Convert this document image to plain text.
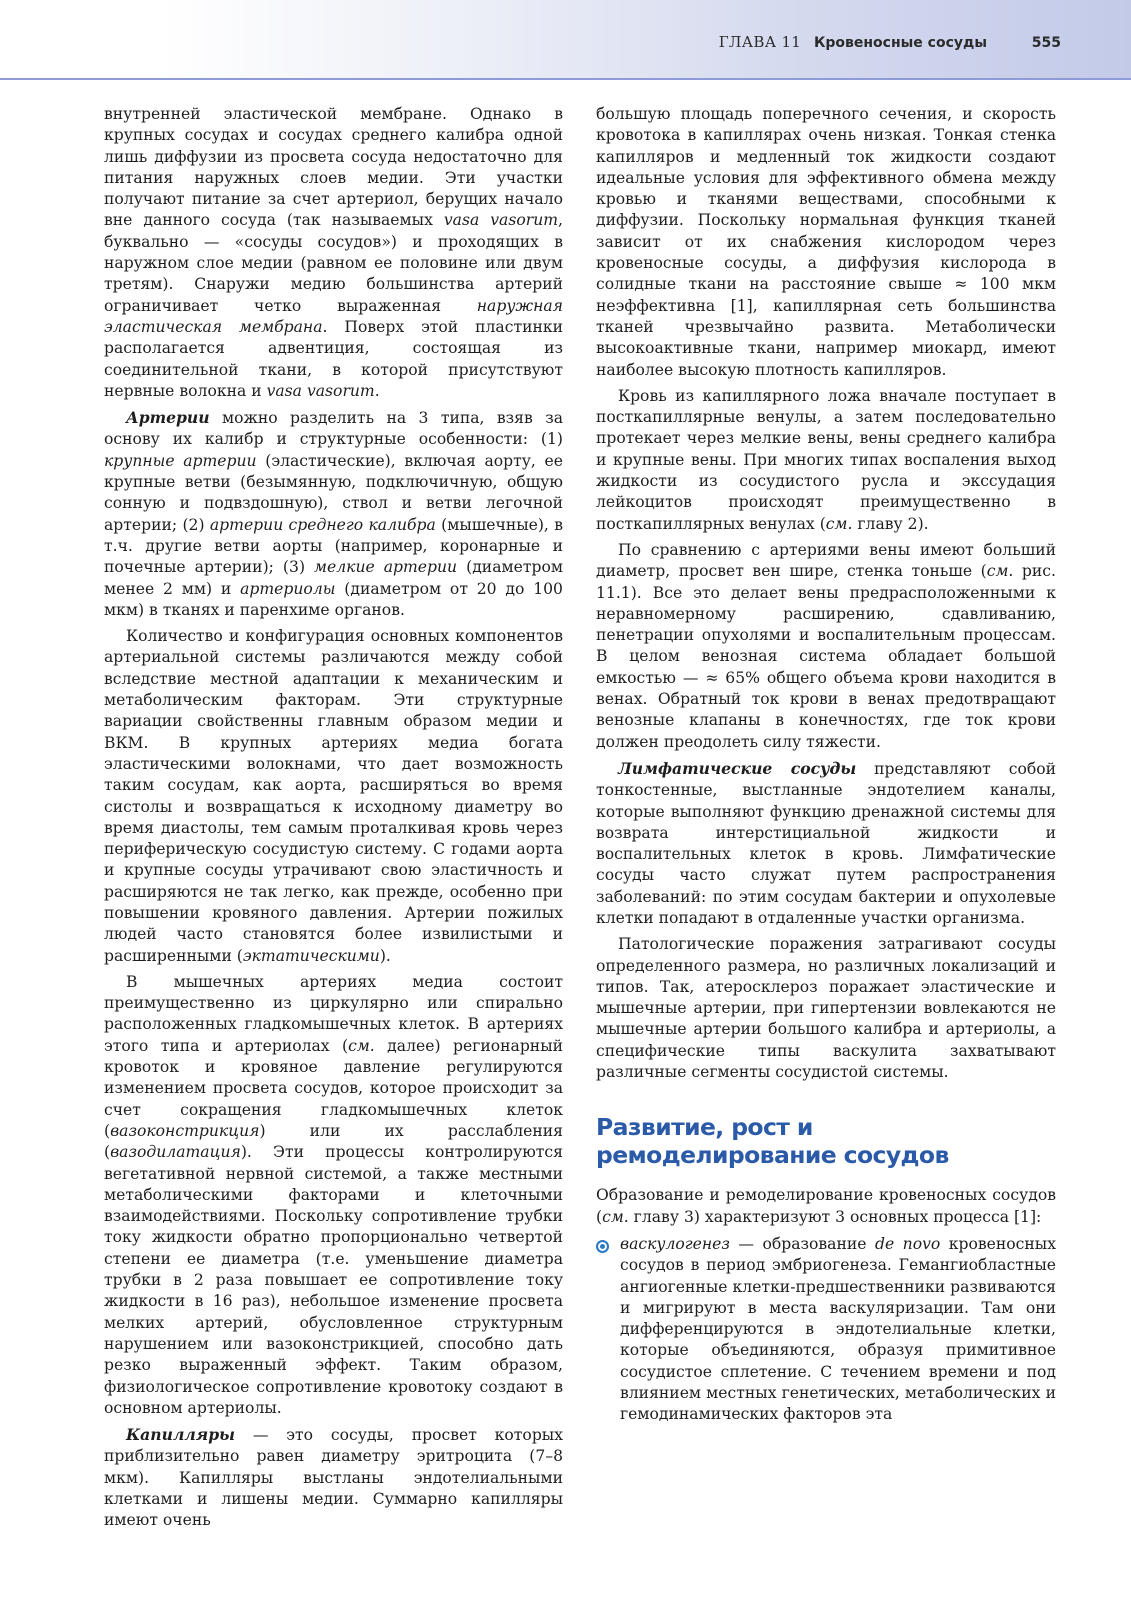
ГЛАВА 11 Кровеносные сосуды	555

внутренней эластической мембране. Однако в крупных сосудах и сосудах среднего калибра одной лишь диффузии из просвета сосуда недостаточно для питания наружных слоев медии. Эти участки получают питание за счет артериол, берущих начало вне данного сосуда (так называемых vasa vasorum, буквально — «сосуды сосудов») и проходящих в наружном слое медии (равном ее половине или двум третям). Снаружи медию большинства артерий ограничивает четко выраженная наружная эластическая мембрана. Поверх этой пластинки располагается адвентиция, состоящая из соединительной ткани, в которой присутствуют нервные волокна и vasa vasorum.

Артерии можно разделить на 3 типа, взяв за основу их калибр и структурные особенности: (1) крупные артерии (эластические), включая аорту, ее крупные ветви (безымянную, подключичную, общую сонную и подвздошную), ствол и ветви легочной артерии; (2) артерии среднего калибра (мышечные), в т.ч. другие ветви аорты (например, коронарные и почечные артерии); (3) мелкие артерии (диаметром менее 2 мм) и артериолы (диаметром от 20 до 100 мкм) в тканях и паренхиме органов.

Количество и конфигурация основных компонентов артериальной системы различаются между собой вследствие местной адаптации к механическим и метаболическим факторам. Эти структурные вариации свойственны главным образом медии и ВКМ. В крупных артериях медиа богата эластическими волокнами, что дает возможность таким сосудам, как аорта, расширяться во время систолы и возвращаться к исходному диаметру во время диастолы, тем самым проталкивая кровь через периферическую сосудистую систему. С годами аорта и крупные сосуды утрачивают свою эластичность и расширяются не так легко, как прежде, особенно при повышении кровяного давления. Артерии пожилых людей часто становятся более извилистыми и расширенными (эктатическими).

В мышечных артериях медиа состоит преимущественно из циркулярно или спирально расположенных гладкомышечных клеток. В артериях этого типа и артериолах (см. далее) регионарный кровоток и кровяное давление регулируются изменением просвета сосудов, которое происходит за счет сокращения гладкомышечных клеток (вазоконстрикция) или их расслабления (вазодилатация). Эти процессы контролируются вегетативной нервной системой, а также местными метаболическими факторами и клеточными взаимодействиями. Поскольку сопротивление трубки току жидкости обратно пропорционально четвертой степени ее диаметра (т.е. уменьшение диаметра трубки в 2 раза повышает ее сопротивление току жидкости в 16 раз), небольшое изменение просвета мелких артерий, обусловленное структурным нарушением или вазоконстрикцией, способно дать резко выраженный эффект. Таким образом, физиологическое сопротивление кровотоку создают в основном артериолы.

Капилляры — это сосуды, просвет которых приблизительно равен диаметру эритроцита (7–8 мкм). Капилляры выстланы эндотелиальными клетками и лишены медии. Суммарно капилляры имеют очень

большую площадь поперечного сечения, и скорость кровотока в капиллярах очень низкая. Тонкая стенка капилляров и медленный ток жидкости создают идеальные условия для эффективного обмена между кровью и тканями веществами, способными к диффузии. Поскольку нормальная функция тканей зависит от их снабжения кислородом через кровеносные сосуды, а диффузия кислорода в солидные ткани на расстояние свыше ≈ 100 мкм неэффективна [1], капиллярная сеть большинства тканей чрезвычайно развита. Метаболически высокоактивные ткани, например миокард, имеют наиболее высокую плотность капилляров.

Кровь из капиллярного ложа вначале поступает в посткапиллярные венулы, а затем последовательно протекает через мелкие вены, вены среднего калибра и крупные вены. При многих типах воспаления выход жидкости из сосудистого русла и экссудация лейкоцитов происходят преимущественно в посткапиллярных венулах (см. главу 2).

По сравнению с артериями вены имеют больший диаметр, просвет вен шире, стенка тоньше (см. рис. 11.1). Все это делает вены предрасположенными к неравномерному расширению, сдавливанию, пенетрации опухолями и воспалительным процессам. В целом венозная система обладает большой емкостью — ≈ 65% общего объема крови находится в венах. Обратный ток крови в венах предотвращают венозные клапаны в конечностях, где ток крови должен преодолеть силу тяжести.

Лимфатические сосуды представляют собой тонкостенные, выстланные эндотелием каналы, которые выполняют функцию дренажной системы для возврата интерстициальной жидкости и воспалительных клеток в кровь. Лимфатические сосуды часто служат путем распространения заболеваний: по этим сосудам бактерии и опухолевые клетки попадают в отдаленные участки организма.

Патологические поражения затрагивают сосуды определенного размера, но различных локализаций и типов. Так, атеросклероз поражает эластические и мышечные артерии, при гипертензии вовлекаются не мышечные артерии большого калибра и артериолы, а специфические типы васкулита захватывают различные сегменты сосудистой системы.

Развитие, рост и ремоделирование сосудов

Образование и ремоделирование кровеносных сосудов (см. главу 3) характеризуют 3 основных процесса [1]:

васкулогенез — образование de novo кровеносных сосудов в период эмбриогенеза. Гемангиобластные ангиогенные клетки-предшественники развиваются и мигрируют в места васкуляризации. Там они дифференцируются в эндотелиальные клетки, которые объединяются, образуя примитивное сосудистое сплетение. С течением времени и под влиянием местных генетических, метаболических и гемодинамических факторов эта
